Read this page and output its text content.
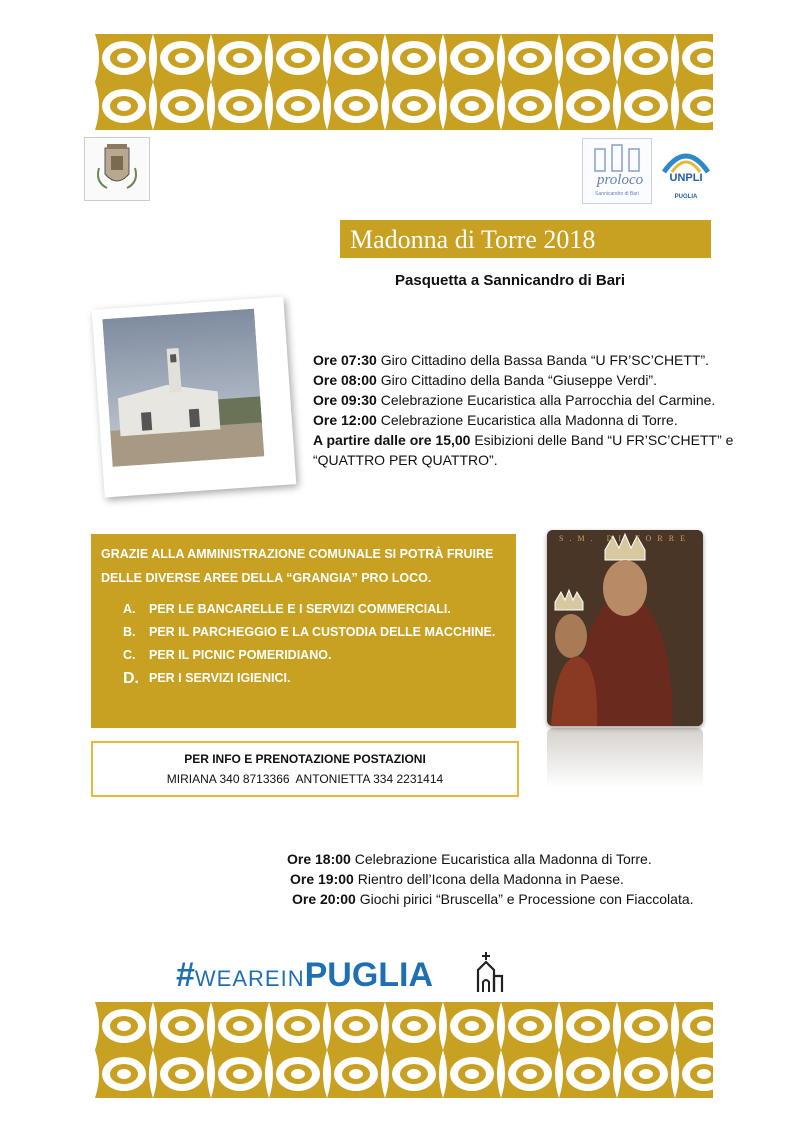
proloco
Sannicandro di Bari
UNPLI
PUGLIA
Madonna di Torre 2018
Pasquetta a Sannicandro di Bari

Ore 07:30 Giro Cittadino della Bassa Banda “U FR’SC’CHETT”.

Ore 08:00 Giro Cittadino della Banda “Giuseppe Verdi”.

Ore 09:30 Celebrazione Eucaristica alla Parrocchia del Carmine.

Ore 12:00 Celebrazione Eucaristica alla Madonna di Torre.

A partire dalle ore 15,00 Esibizioni delle Band “U FR’SC’CHETT” e “QUATTRO PER QUATTRO”.

GRAZIE ALLA AMMINISTRAZIONE COMUNALE SI POTRÀ FRUIRE DELLE DIVERSE AREE DELLA “GRANGIA” PRO LOCO.
A.	PER LE BANCARELLE E I SERVIZI COMMERCIALI.
B.	PER IL PARCHEGGIO E LA CUSTODIA DELLE MACCHINE.
C.	PER IL PICNIC POMERIDIANO.
D. PER I SERVIZI IGIENICI.
S.M. DI TORRE
PER INFO E PRENOTAZIONE POSTAZIONI
MIRIANA 340 8713366  ANTONIETTA 334 2231414

Ore 18:00 Celebrazione Eucaristica alla Madonna di Torre.

Ore 19:00 Rientro dell’Icona della Madonna in Paese.

Ore 20:00 Giochi pirici “Bruscella” e Processione con Fiaccolata.

#WEAREINPUGLIA
